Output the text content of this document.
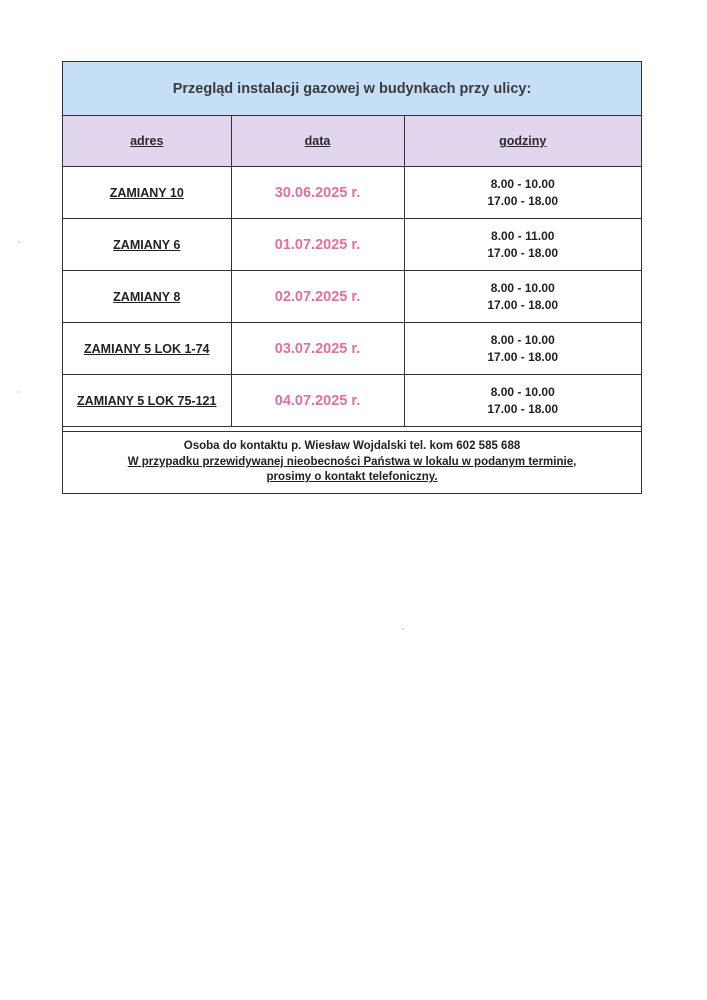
Przegląd instalacji gazowej w budynkach przy ulicy:
adres	data	godziny
ZAMIANY 10	30.06.2025 r.	8.00 - 10.00
17.00 - 18.00

ZAMIANY 6	01.07.2025 r.	8.00 - 11.00
17.00 - 18.00

ZAMIANY 8	02.07.2025 r.	8.00 - 10.00
17.00 - 18.00

ZAMIANY 5 LOK 1-74	03.07.2025 r.	8.00 - 10.00
17.00 - 18.00

ZAMIANY 5 LOK 75-121	04.07.2025 r.	8.00 - 10.00
17.00 - 18.00
Osoba do kontaktu p. Wiesław Wojdalski tel. kom 602 585 688
W przypadku przewidywanej nieobecności Państwa w lokalu w podanym terminie,
prosimy o kontakt telefoniczny.
